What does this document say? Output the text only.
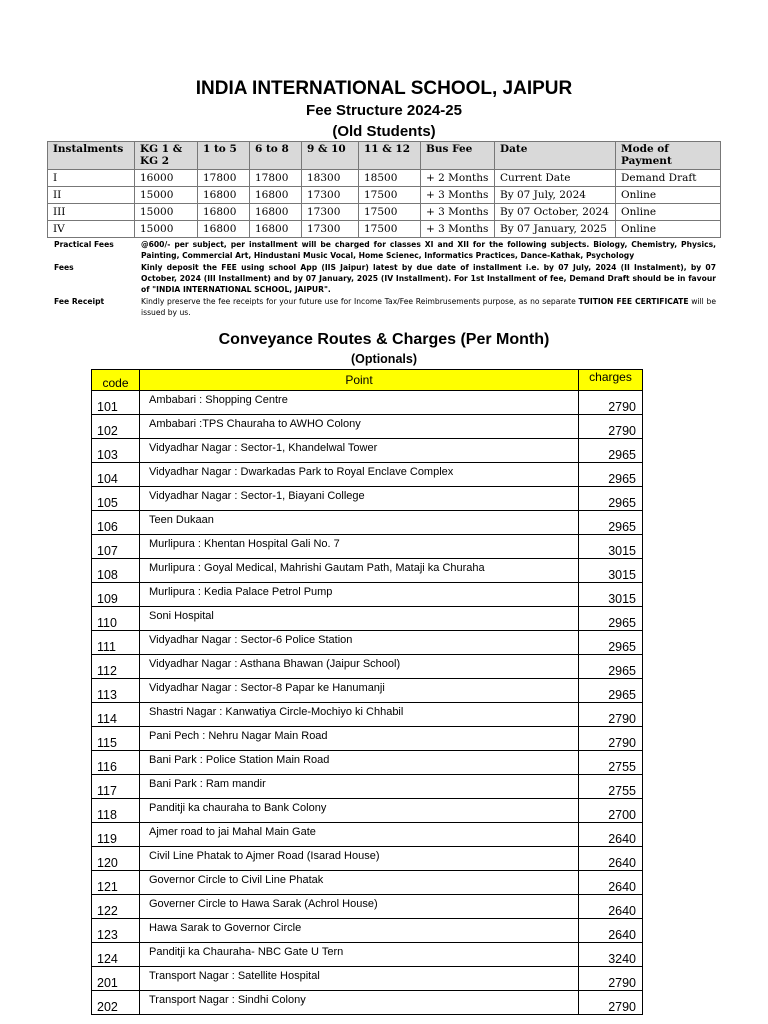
INDIA INTERNATIONAL SCHOOL, JAIPUR
Fee Structure 2024-25
(Old Students)
Instalments	KG 1 & KG 2	1 to 5	6 to 8	9 & 10	11 & 12	Bus Fee	Date	Mode of Payment
I	16000	17800	17800	18300	18500	+ 2 Months	Current Date	Demand Draft
II	15000	16800	16800	17300	17500	+ 3 Months	By 07 July, 2024	Online
III	15000	16800	16800	17300	17500	+ 3 Months	By 07 October, 2024	Online
IV	15000	16800	16800	17300	17500	+ 3 Months	By 07 January, 2025	Online
Practical Fees	@600/- per subject, per installment will be charged for classes XI and XII for the following subjects. Biology, Chemistry, Physics, Painting, Commercial Art, Hindustani Music Vocal, Home Scienec, Informatics Practices, Dance-Kathak, Psychology
Fees	Kinly deposit the FEE using school App (IIS Jaipur) latest by due date of installment i.e. by 07 July, 2024 (II Instalment), by 07 October, 2024 (III Installment) and by 07 January, 2025 (IV Installment). For 1st Installment of fee, Demand Draft should be in favour of "INDIA INTERNATIONAL SCHOOL, JAIPUR".
Fee Receipt	Kindly preserve the fee receipts for your future use for Income Tax/Fee Reimbrusements purpose, as no separate TUITION FEE CERTIFICATE will be issued by us.
Conveyance Routes & Charges (Per Month)
(Optionals)
code	Point	charges
101	Ambabari : Shopping Centre	2790
102	Ambabari :TPS Chauraha to AWHO Colony	2790
103	Vidyadhar Nagar : Sector-1, Khandelwal Tower	2965
104	Vidyadhar Nagar : Dwarkadas Park to Royal Enclave Complex	2965
105	Vidyadhar Nagar : Sector-1, Biayani College	2965
106	Teen Dukaan	2965
107	Murlipura : Khentan Hospital Gali No. 7	3015
108	Murlipura : Goyal Medical, Mahrishi Gautam Path, Mataji ka Churaha	3015
109	Murlipura : Kedia Palace Petrol Pump	3015
110	Soni Hospital	2965
111	Vidyadhar Nagar : Sector-6 Police Station	2965
112	Vidyadhar Nagar : Asthana Bhawan (Jaipur School)	2965
113	Vidyadhar Nagar : Sector-8 Papar ke Hanumanji	2965
114	Shastri Nagar : Kanwatiya Circle-Mochiyo ki Chhabil	2790
115	Pani Pech : Nehru Nagar Main Road	2790
116	Bani Park : Police Station Main Road	2755
117	Bani Park : Ram mandir	2755
118	Panditji ka chauraha to Bank Colony	2700
119	Ajmer road to jai Mahal Main Gate	2640
120	Civil Line Phatak to Ajmer Road (Isarad House)	2640
121	Governor Circle to Civil Line Phatak	2640
122	Governer Circle to Hawa Sarak (Achrol House)	2640
123	Hawa Sarak to Governor Circle	2640
124	Panditji ka Chauraha- NBC Gate U Tern	3240
201	Transport Nagar : Satellite Hospital	2790
202	Transport Nagar : Sindhi Colony	2790
